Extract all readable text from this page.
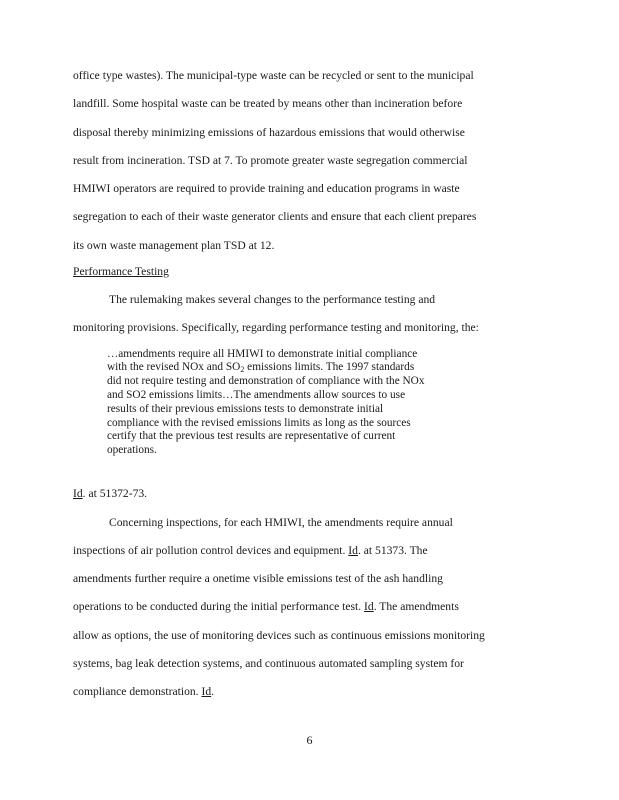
office type wastes). The municipal-type waste can be recycled or sent to the municipal
landfill. Some hospital waste can be treated by means other than incineration before
disposal thereby minimizing emissions of hazardous emissions that would otherwise
result from incineration. TSD at 7. To promote greater waste segregation commercial
HMIWI operators are required to provide training and education programs in waste
segregation to each of their waste generator clients and ensure that each client prepares
its own waste management plan TSD at 12.
Performance Testing
The rulemaking makes several changes to the performance testing and
monitoring provisions. Specifically, regarding performance testing and monitoring, the:
…amendments require all HMIWI to demonstrate initial compliance
with the revised NOx and $SO_2$ emissions limits. The 1997 standards
did not require testing and demonstration of compliance with the NOx
and SO2 emissions limits…The amendments allow sources to use
results of their previous emissions tests to demonstrate initial
compliance with the revised emissions limits as long as the sources
certify that the previous test results are representative of current
operations.
Id. at 51372-73.
Concerning inspections, for each HMIWI, the amendments require annual
inspections of air pollution control devices and equipment. Id. at 51373. The
amendments further require a onetime visible emissions test of the ash handling
operations to be conducted during the initial performance test. Id. The amendments
allow as options, the use of monitoring devices such as continuous emissions monitoring
systems, bag leak detection systems, and continuous automated sampling system for
compliance demonstration. Id.
6
